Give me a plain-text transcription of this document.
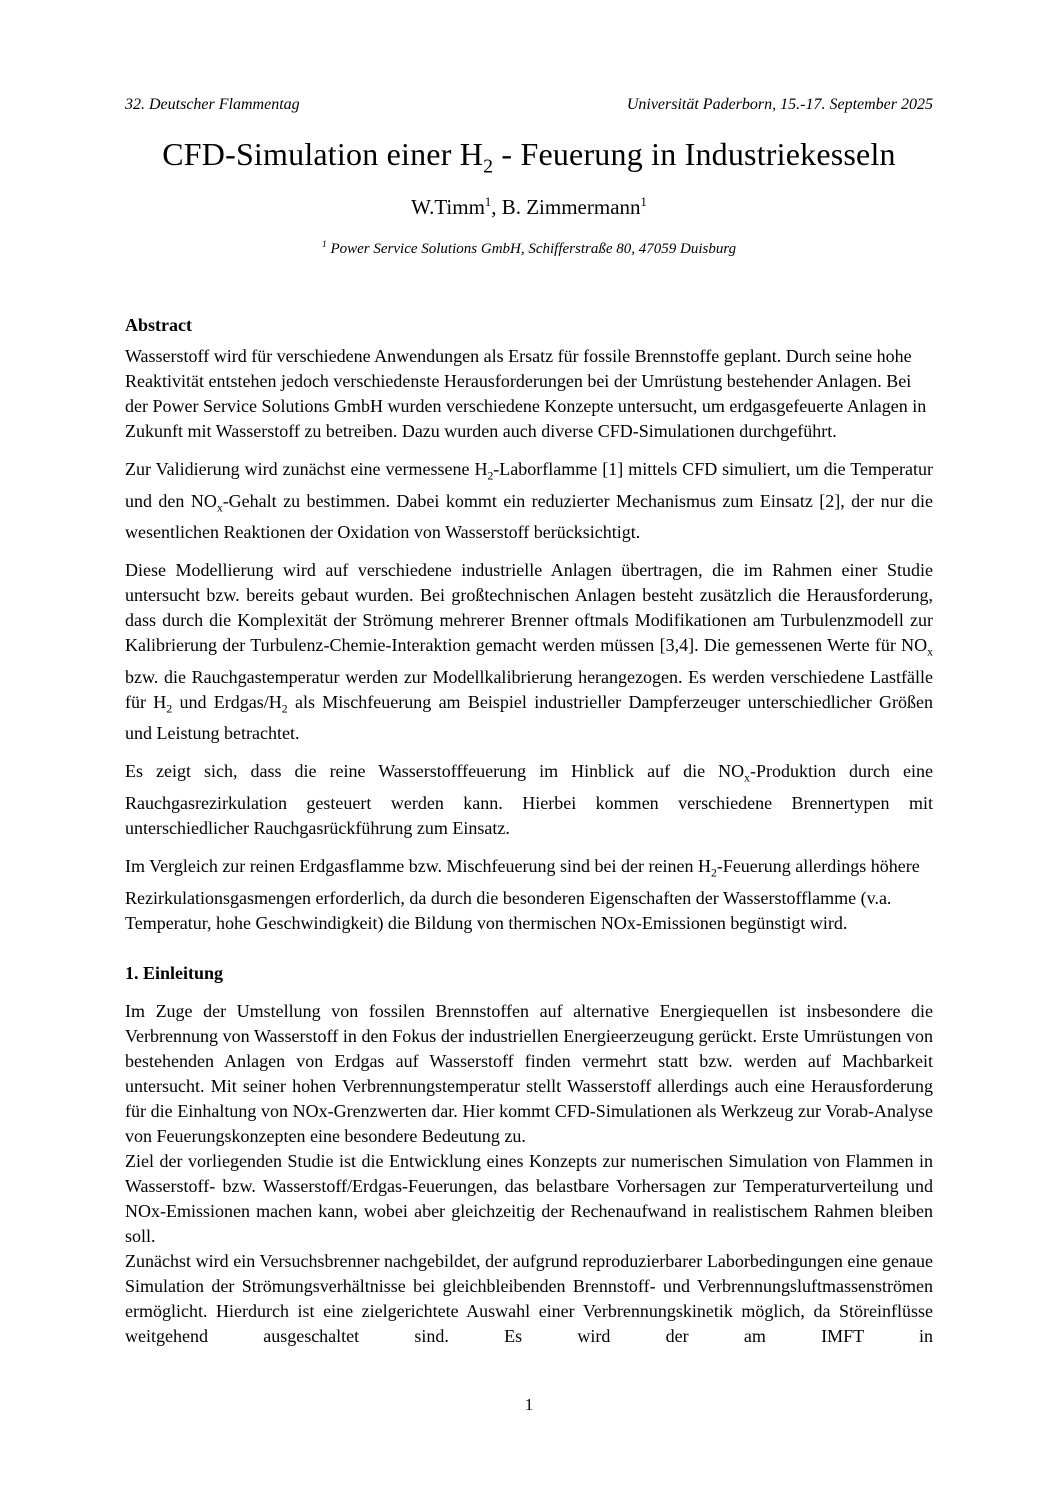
32. Deutscher Flammentag	Universität Paderborn, 15.-17. September 2025
CFD-Simulation einer $H_2$ - Feuerung in Industriekesseln
W.Timm$^1$, B. Zimmermann$^1$
$^1$ Power Service Solutions GmbH, Schifferstraße 80, 47059 Duisburg
Abstract

Wasserstoff wird für verschiedene Anwendungen als Ersatz für fossile Brennstoffe geplant. Durch seine hohe Reaktivität entstehen jedoch verschiedenste Herausforderungen bei der Umrüstung bestehender Anlagen. Bei der Power Service Solutions GmbH wurden verschiedene Konzepte untersucht, um erdgasgefeuerte Anlagen in Zukunft mit Wasserstoff zu betreiben. Dazu wurden auch diverse CFD-Simulationen durchgeführt.

Zur Validierung wird zunächst eine vermessene $H_2$-Laborflamme [1] mittels CFD simuliert, um die Temperatur und den $NO_x$-Gehalt zu bestimmen. Dabei kommt ein reduzierter Mechanismus zum Einsatz [2], der nur die wesentlichen Reaktionen der Oxidation von Wasserstoff berücksichtigt.

Diese Modellierung wird auf verschiedene industrielle Anlagen übertragen, die im Rahmen einer Studie untersucht bzw. bereits gebaut wurden. Bei großtechnischen Anlagen besteht zusätzlich die Herausforderung, dass durch die Komplexität der Strömung mehrerer Brenner oftmals Modifikationen am Turbulenzmodell zur Kalibrierung der Turbulenz-Chemie-Interaktion gemacht werden müssen [3,4]. Die gemessenen Werte für $NO_x$ bzw. die Rauchgastemperatur werden zur Modellkalibrierung herangezogen. Es werden verschiedene Lastfälle für $H_2$ und Erdgas/$H_2$ als Mischfeuerung am Beispiel industrieller Dampferzeuger unterschiedlicher Größen und Leistung betrachtet.

Es zeigt sich, dass die reine Wasserstofffeuerung im Hinblick auf die $NO_x$-Produktion durch eine Rauchgasrezirkulation gesteuert werden kann. Hierbei kommen verschiedene Brennertypen mit unterschiedlicher Rauchgasrückführung zum Einsatz.

Im Vergleich zur reinen Erdgasflamme bzw. Mischfeuerung sind bei der reinen $H_2$-Feuerung allerdings höhere Rezirkulationsgasmengen erforderlich, da durch die besonderen Eigenschaften der Wasserstofflamme (v.a. Temperatur, hohe Geschwindigkeit) die Bildung von thermischen NOx-Emissionen begünstigt wird.

1. Einleitung

Im Zuge der Umstellung von fossilen Brennstoffen auf alternative Energiequellen ist insbesondere die Verbrennung von Wasserstoff in den Fokus der industriellen Energieerzeugung gerückt. Erste Umrüstungen von bestehenden Anlagen von Erdgas auf Wasserstoff finden vermehrt statt bzw. werden auf Machbarkeit untersucht. Mit seiner hohen Verbrennungstemperatur stellt Wasserstoff allerdings auch eine Herausforderung für die Einhaltung von NOx-Grenzwerten dar. Hier kommt CFD-Simulationen als Werkzeug zur Vorab-Analyse von Feuerungskonzepten eine besondere Bedeutung zu.

Ziel der vorliegenden Studie ist die Entwicklung eines Konzepts zur numerischen Simulation von Flammen in Wasserstoff- bzw. Wasserstoff/Erdgas-Feuerungen, das belastbare Vorhersagen zur Temperaturverteilung und NOx-Emissionen machen kann, wobei aber gleichzeitig der Rechenaufwand in realistischem Rahmen bleiben soll.

Zunächst wird ein Versuchsbrenner nachgebildet, der aufgrund reproduzierbarer Laborbedingungen eine genaue Simulation der Strömungsverhältnisse bei gleichbleibenden Brennstoff- und Verbrennungsluftmassenströmen ermöglicht. Hierdurch ist eine zielgerichtete Auswahl einer Verbrennungskinetik möglich, da Störeinflüsse weitgehend ausgeschaltet sind. Es wird der am IMFT in

1
